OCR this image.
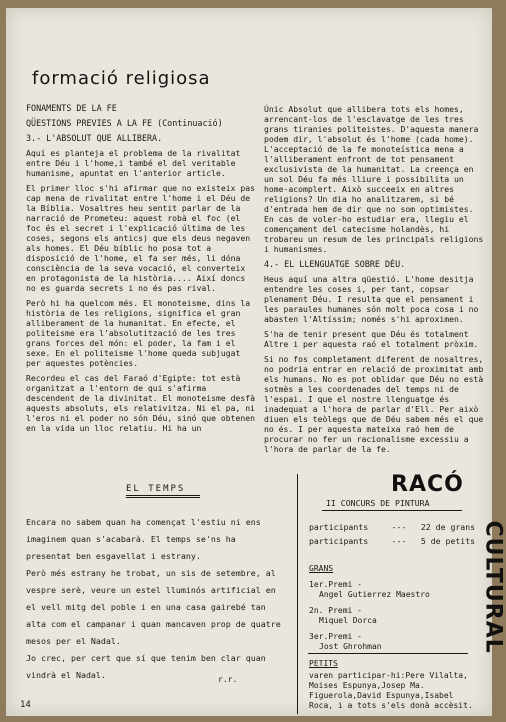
formació religiosa

FONAMENTS DE LA FE

QÜESTIONS PREVIES A LA FE (Continuació)

3.- L'ABSOLUT QUE ALLIBERA.

Aquí es planteja el problema de la rivalitat entre Déu i l'home,i també el del veritable humanisme, apuntat en l'anterior article.

El primer lloc s'hi afirmar que no existeix pas cap mena de rivalitat entre l'home i el Déu de la Bíblia. Vosaltres heu sentit parlar de la narració de Prometeu: aquest robà el foc (el foc és el secret i l'explicació última de les coses, segons els antics) que els deus negaven als homes. El Déu bíblic ho posa tot a disposició de l'home, el fa ser més, li dóna consciència de la seva vocació, el converteix en protagonista de la història.... Així doncs no es guarda secrets i no és pas rival.

Però hi ha quelcom més. El monoteisme, dins la història de les religions, significa el gran alliberament de la humanitat. En efecte, el politeisme era l'absolutització de les tres grans forces del món: el poder, la fam i el sexe. En el politeisme l'home queda subjugat per aquestes potències.

Recordeu el cas del Faraó d'Egipte: tot està organitzat a l'entorn de qui s'afirma descendent de la divinitat. El monoteisme desfà aquests absoluts, els relativitza. Ni el pa, ni l'eros ni el poder no són Déu, sinó que obtenen en la vida un lloc relatiu. Hi ha un

Únic Absolut que allibera tots els homes, arrencant-los de l'esclavatge de les tres grans tiranies politeistes. D'aquesta manera podem dir, l'absolut és l'home (cada home). L'acceptació de la fe monoteística mena a l'alliberament enfront de tot pensament exclusivista de la humanitat. La creença en un sol Déu fa més lliure i possibilita un home-acomplert. Això succeeix en altres religions? Un dia ho analitzarem, si bé d'entrada hem de dir que no som optimistes. En cas de voler-ho estudiar era, llegiu el començament del catecisme holandès, hi trobareu un resum de les principals religions i humanismes.

4.- EL LLENGUATGE SOBRE DÉU.

Heus aquí una altra qüestió. L'home desitja entendre les coses i, per tant, copsar plenament Déu. I resulta que el pensament i les paraules humanes són molt poca cosa i no abasten l'Altíssim; només s'hi aproximen.

S'ha de tenir present que Déu és totalment Altre i per aquesta raó el totalment pròxim.

Si no fos completament diferent de nosaltres, no podria entrar en relació de proximitat amb els humans. No es pot oblidar que Déu no està sotmès a les coordenades del temps ni de l'espai. I que el nostre llenguatge és inadequat a l'hora de parlar d'Ell. Per això diuen els teòlegs que de Déu sabem més el que no és. I per aquesta mateixa raó hem de procurar no fer un racionalisme excessiu a l'hora de parlar de la fe.

EL TEMPS

Encara no sabem quan ha començat l'estiu ni ens imaginem quan s'acabarà. El temps se'ns ha presentat ben esgavellat i estrany.

Però més estrany he trobat, un sis de setembre, al vespre serè, veure un estel lluminós artificial en el vell mitg del poble i en una casa gairebé tan alta com el campanar i quan mancaven prop de quatre mesos per el Nadal.

Jo crec, per cert que sí que tenim ben clar quan vindrà el Nadal.	r.r.
14
RACÓ
CULTURAL
II CONCURS DE PINTURA
participants	--- 22 de grans
participants	--- 5 de petits
GRANS
1er.Premi -
Angel Gutierrez Maestro
2n. Premi -
Miquel Dorca
3er.Premi -
Jost Ghrohman
PETITS
varen participar-hi:Pere Vilalta, Moises Espunya,Josep Ma. Figuerola,David Espunya,Isabel Roca, i a tots s'els donà accèsit.
